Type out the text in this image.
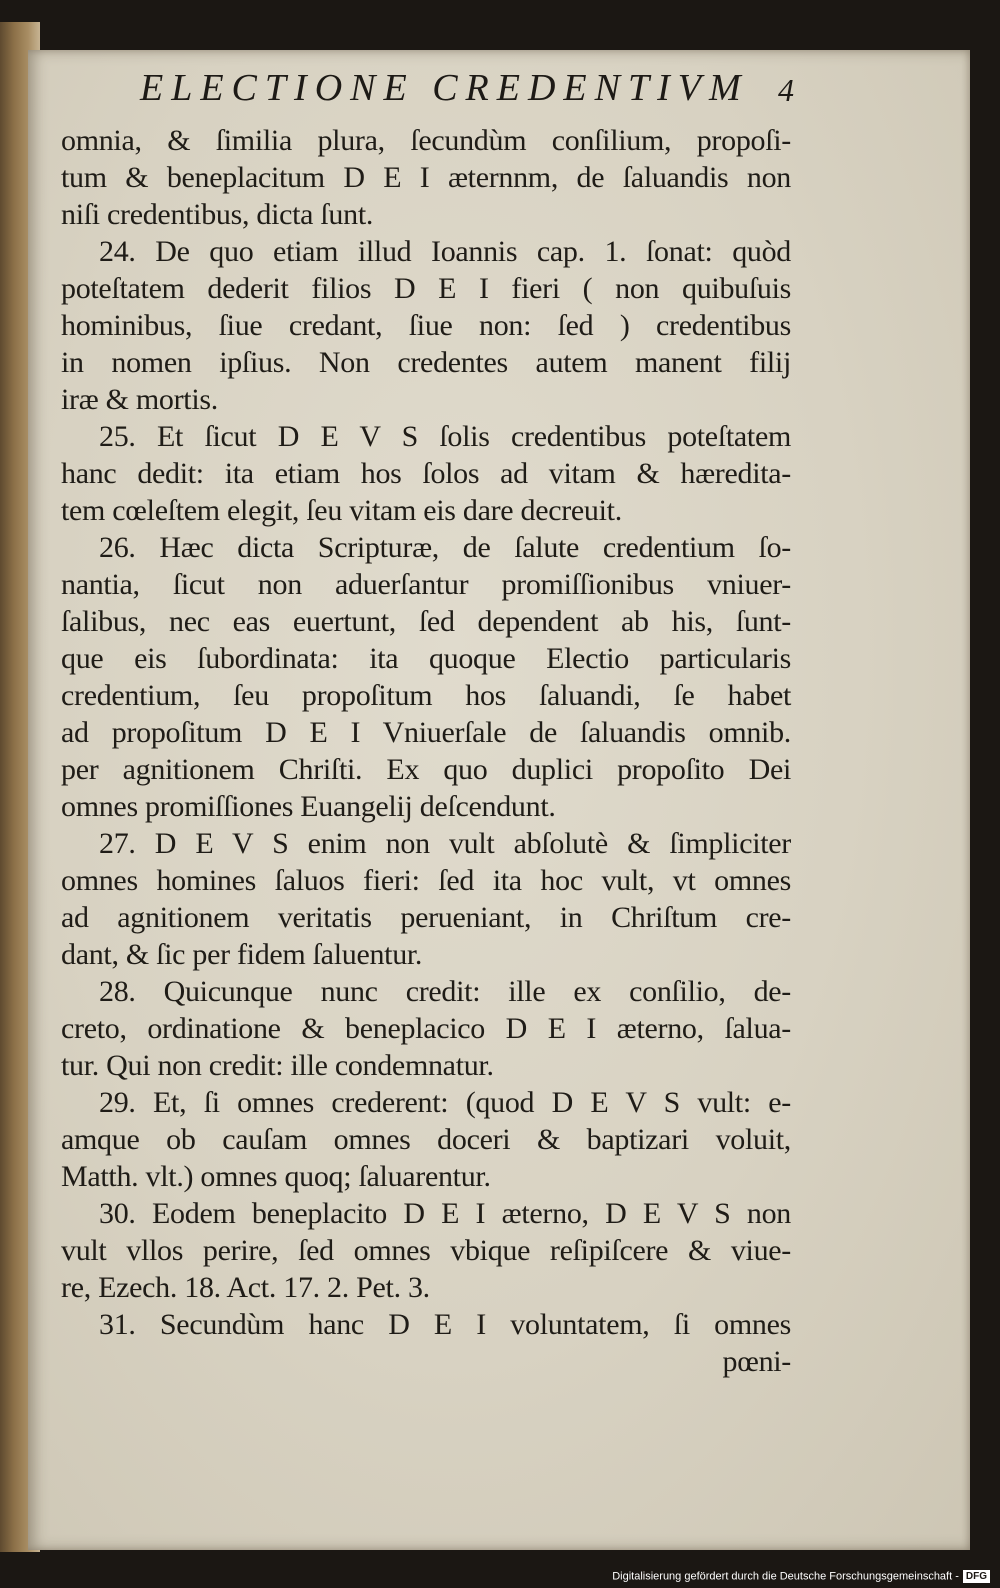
ELECTIONE CREDENTIVM 4
omnia, & ſimilia plura, ſecundùm conſilium, propoſi-
tum & beneplacitum D E I æternnm, de ſaluandis non
niſi credentibus, dicta ſunt.
24. De quo etiam illud Ioannis cap. 1. ſonat: quòd
poteſtatem dederit filios D E I fieri ( non quibuſuis
hominibus, ſiue credant, ſiue non: ſed ) credentibus
in nomen ipſius. Non credentes autem manent filij
iræ & mortis.
25. Et ſicut D E V S ſolis credentibus poteſtatem
hanc dedit: ita etiam hos ſolos ad vitam & hæredita-
tem cœleſtem elegit, ſeu vitam eis dare decreuit.
26. Hæc dicta Scripturæ, de ſalute credentium ſo-
nantia, ſicut non aduerſantur promiſſionibus vniuer-
ſalibus, nec eas euertunt, ſed dependent ab his, ſunt-
que eis ſubordinata: ita quoque Electio particularis
credentium, ſeu propoſitum hos ſaluandi, ſe habet
ad propoſitum D E I Vniuerſale de ſaluandis omnib.
per agnitionem Chriſti. Ex quo duplici propoſito Dei
omnes promiſſiones Euangelij deſcendunt.
27. D E V S enim non vult abſolutè & ſimpliciter
omnes homines ſaluos fieri: ſed ita hoc vult, vt omnes
ad agnitionem veritatis perueniant, in Chriſtum cre-
dant, & ſic per fidem ſaluentur.
28. Quicunque nunc credit: ille ex conſilio, de-
creto, ordinatione & beneplacico D E I æterno, ſalua-
tur. Qui non credit: ille condemnatur.
29. Et, ſi omnes crederent: (quod D E V S vult: e-
amque ob cauſam omnes doceri & baptizari voluit,
Matth. vlt.) omnes quoq; ſaluarentur.
30. Eodem beneplacito D E I æterno, D E V S non
vult vllos perire, ſed omnes vbique reſipiſcere & viue-
re, Ezech. 18. Act. 17. 2. Pet. 3.
31. Secundùm hanc D E I voluntatem, ſi omnes
pœni-
Digitalisierung gefördert durch die Deutsche Forschungsgemeinschaft - DFG
